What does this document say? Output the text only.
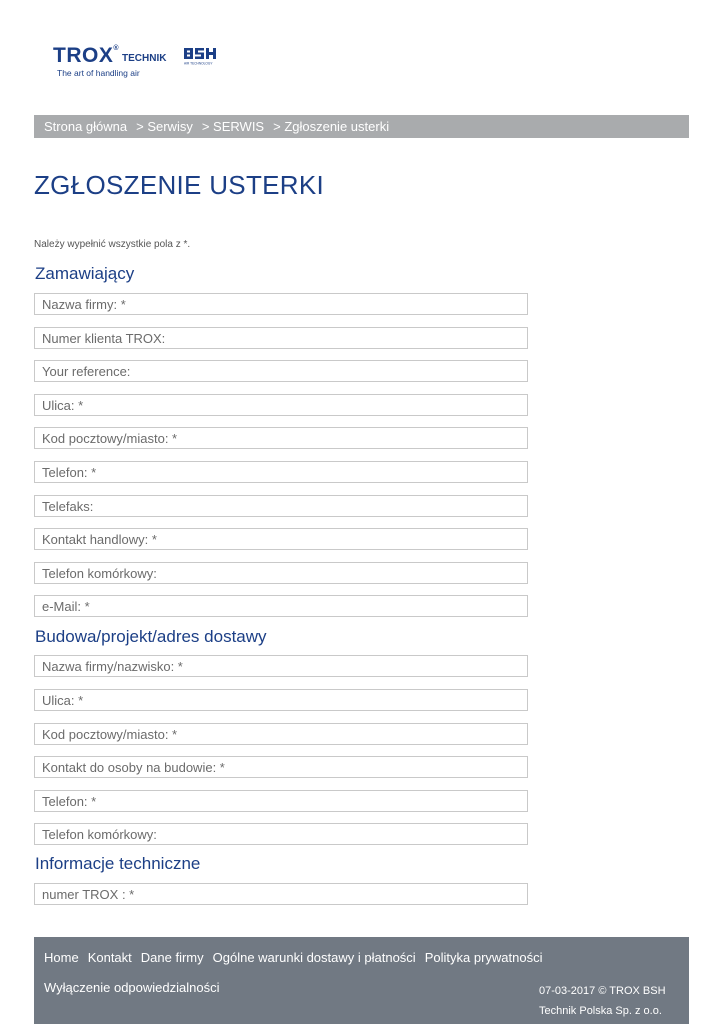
TROX®
TECHNIK
The art of handling air
AIR TECHNOLOGY
Strona główna > Serwisy > SERWIS > Zgłoszenie usterki
ZGŁOSZENIE USTERKI
Należy wypełnić wszystkie pola z *.
Zamawiający
Nazwa firmy: *
Numer klienta TROX:
Your reference:
Ulica: *
Kod pocztowy/miasto: *
Telefon: *
Telefaks:
Kontakt handlowy: *
Telefon komórkowy:
e-Mail: *
Budowa/projekt/adres dostawy
Nazwa firmy/nazwisko: *
Ulica: *
Kod pocztowy/miasto: *
Kontakt do osoby na budowie: *
Telefon: *
Telefon komórkowy:
Informacje techniczne
numer TROX : *
Home Kontakt Dane firmy Ogólne warunki dostawy i płatności Polityka prywatności
Wyłączenie odpowiedzialności	07-03-2017 © TROX BSH
Technik Polska Sp. z o.o.
